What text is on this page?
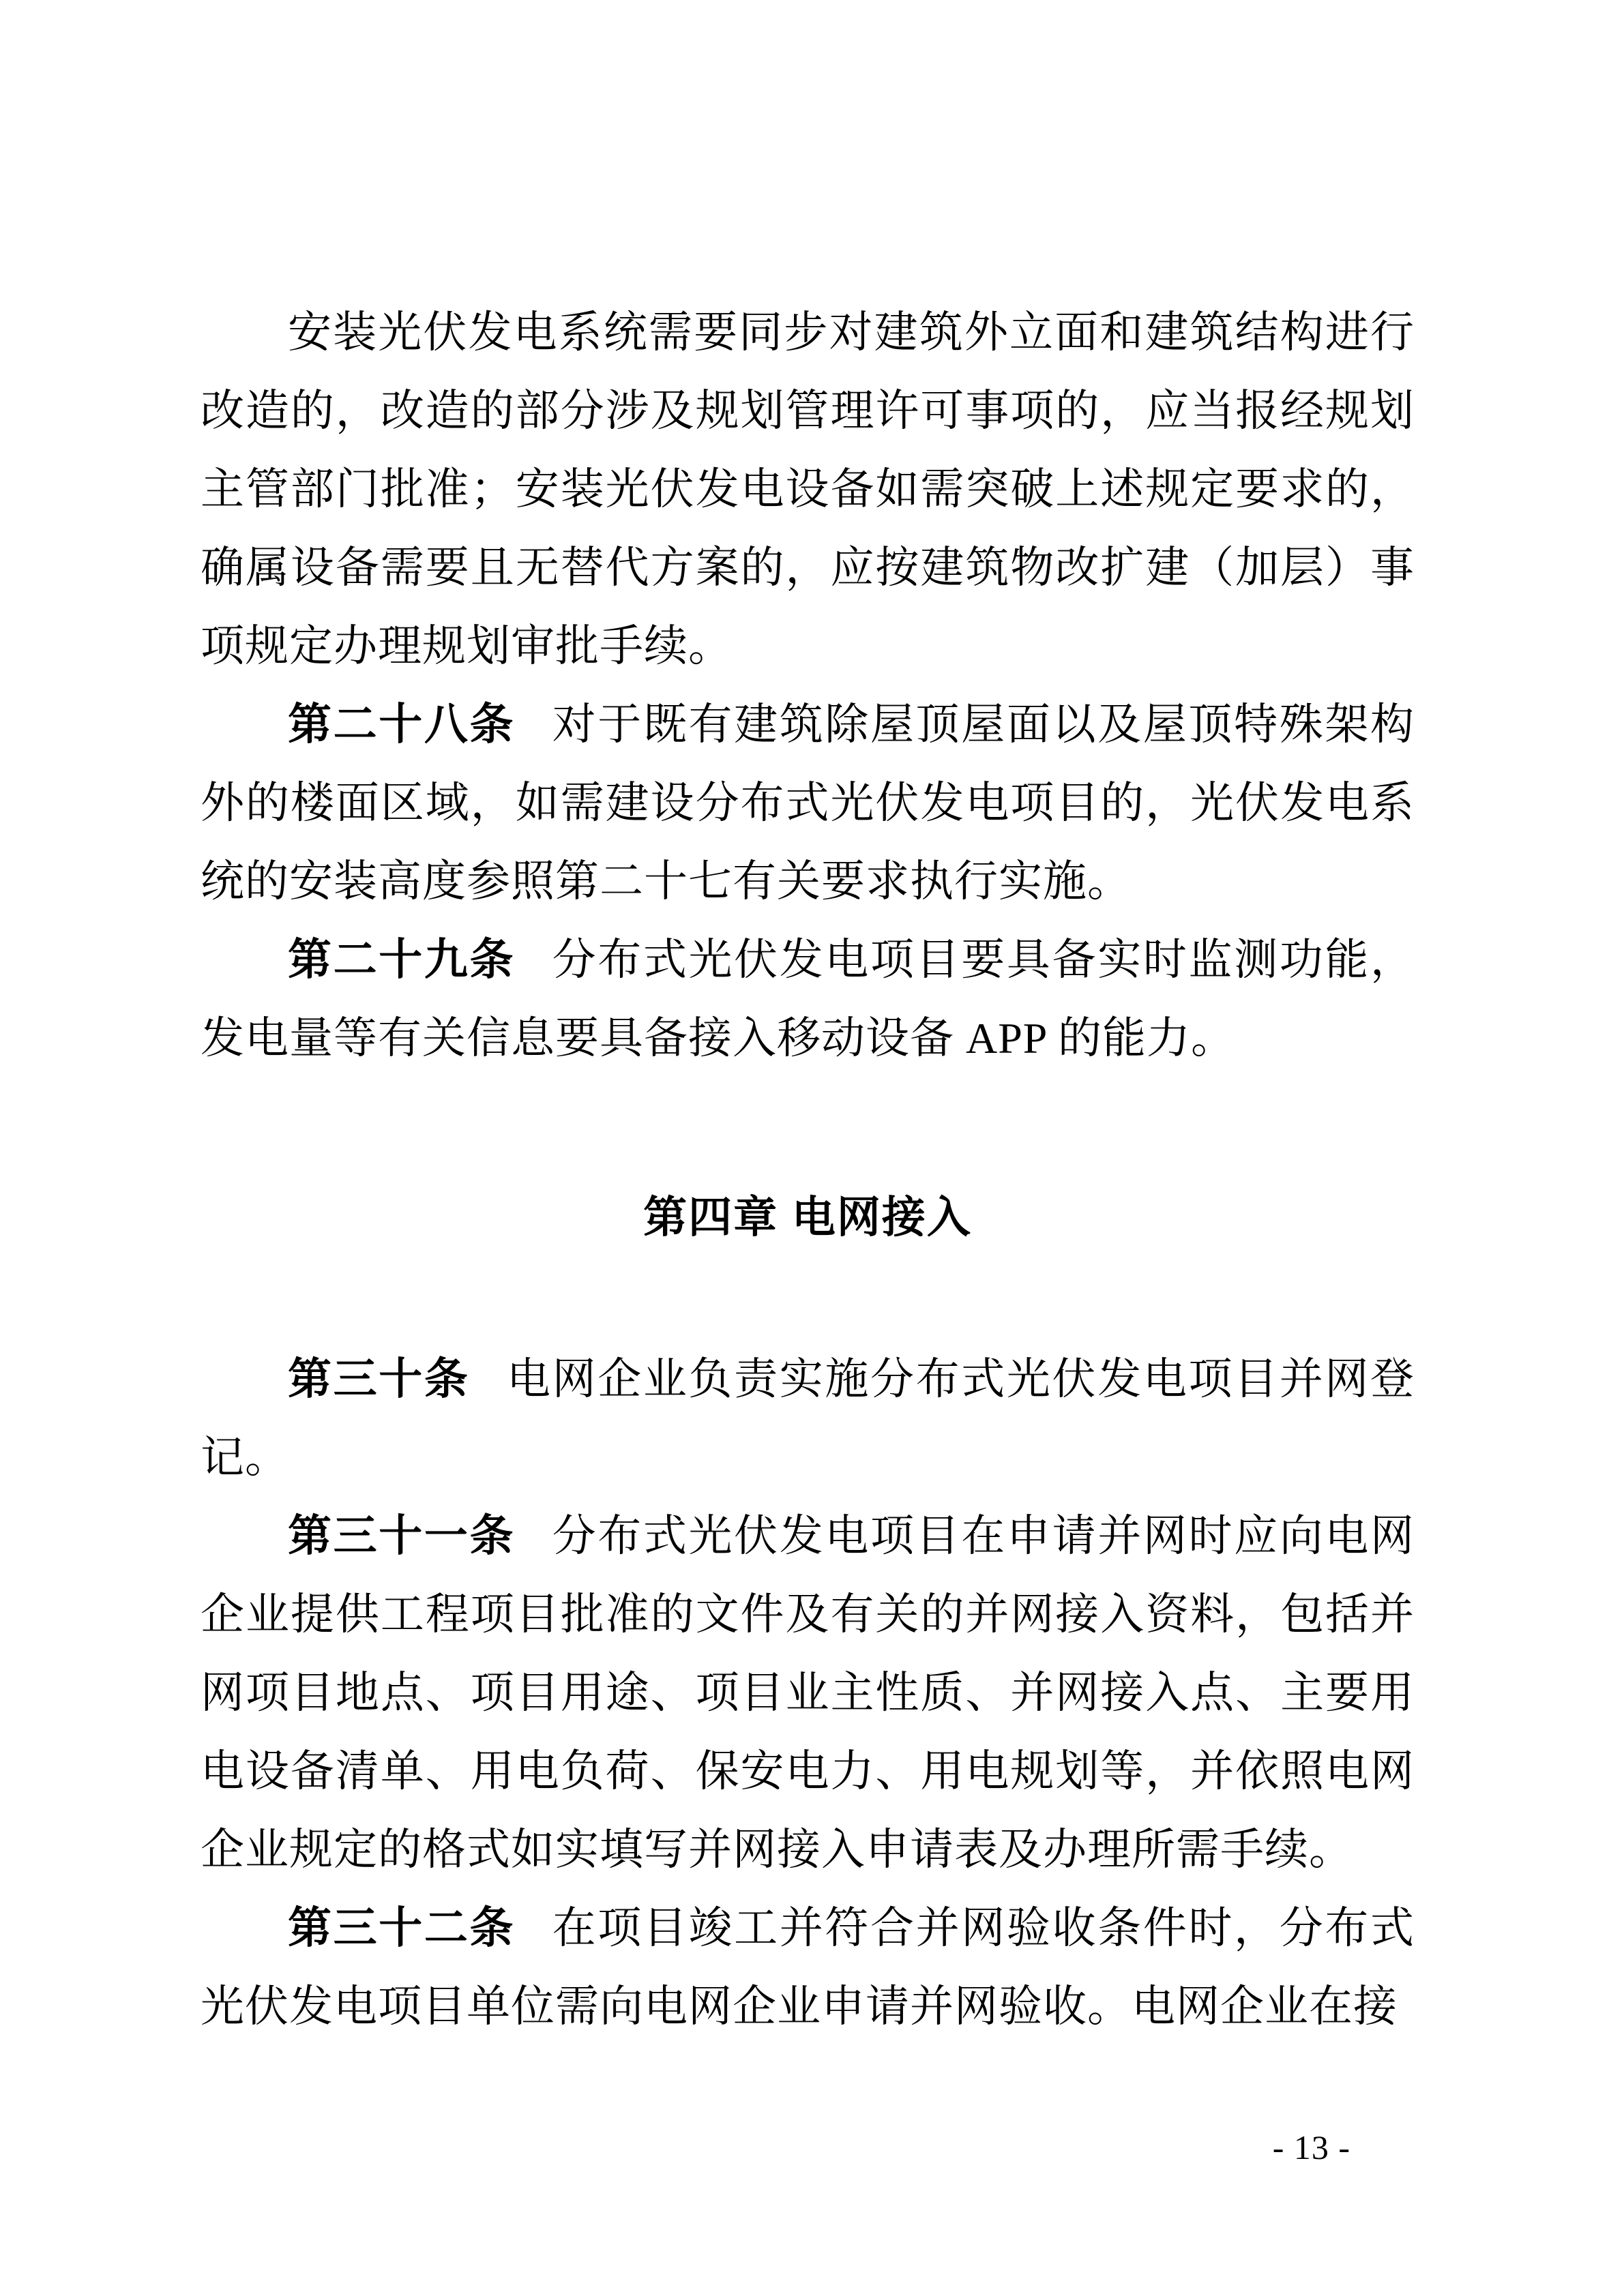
安装光伏发电系统需要同步对建筑外立面和建筑结构进行改造的，改造的部分涉及规划管理许可事项的，应当报经规划主管部门批准；安装光伏发电设备如需突破上述规定要求的，确属设备需要且无替代方案的，应按建筑物改扩建（加层）事项规定办理规划审批手续。

第二十八条 对于既有建筑除屋顶屋面以及屋顶特殊架构外的楼面区域，如需建设分布式光伏发电项目的，光伏发电系统的安装高度参照第二十七有关要求执行实施。

第二十九条 分布式光伏发电项目要具备实时监测功能，发电量等有关信息要具备接入移动设备 APP 的能力。

第四章 电网接入

第三十条 电网企业负责实施分布式光伏发电项目并网登记。

第三十一条 分布式光伏发电项目在申请并网时应向电网企业提供工程项目批准的文件及有关的并网接入资料，包括并网项目地点、项目用途、项目业主性质、并网接入点、主要用电设备清单、用电负荷、保安电力、用电规划等，并依照电网企业规定的格式如实填写并网接入申请表及办理所需手续。

第三十二条 在项目竣工并符合并网验收条件时，分布式光伏发电项目单位需向电网企业申请并网验收。电网企业在接

- 13 -
